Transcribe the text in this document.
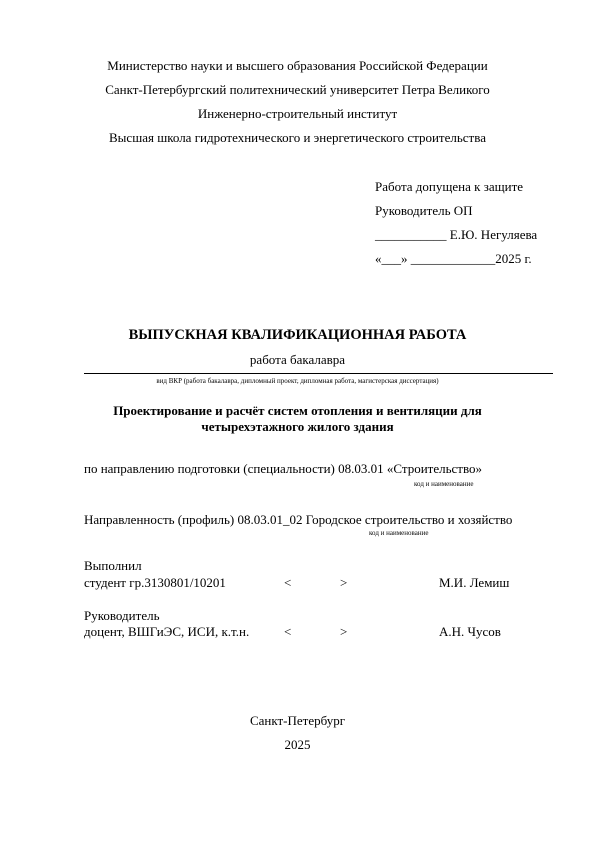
Министерство науки и высшего образования Российской Федерации
Санкт-Петербургский политехнический университет Петра Великого
Инженерно-строительный институт
Высшая школа гидротехнического и энергетического строительства
Работа допущена к защите
Руководитель ОП
___________ Е.Ю. Негуляева
«___» _____________2025 г.
ВЫПУСКНАЯ КВАЛИФИКАЦИОННАЯ РАБОТА
работа бакалавра
вид ВКР (работа бакалавра, дипломный проект, дипломная работа, магистерская диссертация)
Проектирование и расчёт систем отопления и вентиляции для
четырехэтажного жилого здания
по направлению подготовки (специальности) 08.03.01 «Строительство»
код и наименование
Направленность (профиль) 08.03.01_02 Городское строительство и хозяйство
код и наименование
Выполнил
студент гр.3130801/10201	<	>	М.И. Лемиш
Руководитель
доцент, ВШГиЭС, ИСИ, к.т.н.	<	>	А.Н. Чусов
Санкт-Петербург
2025
